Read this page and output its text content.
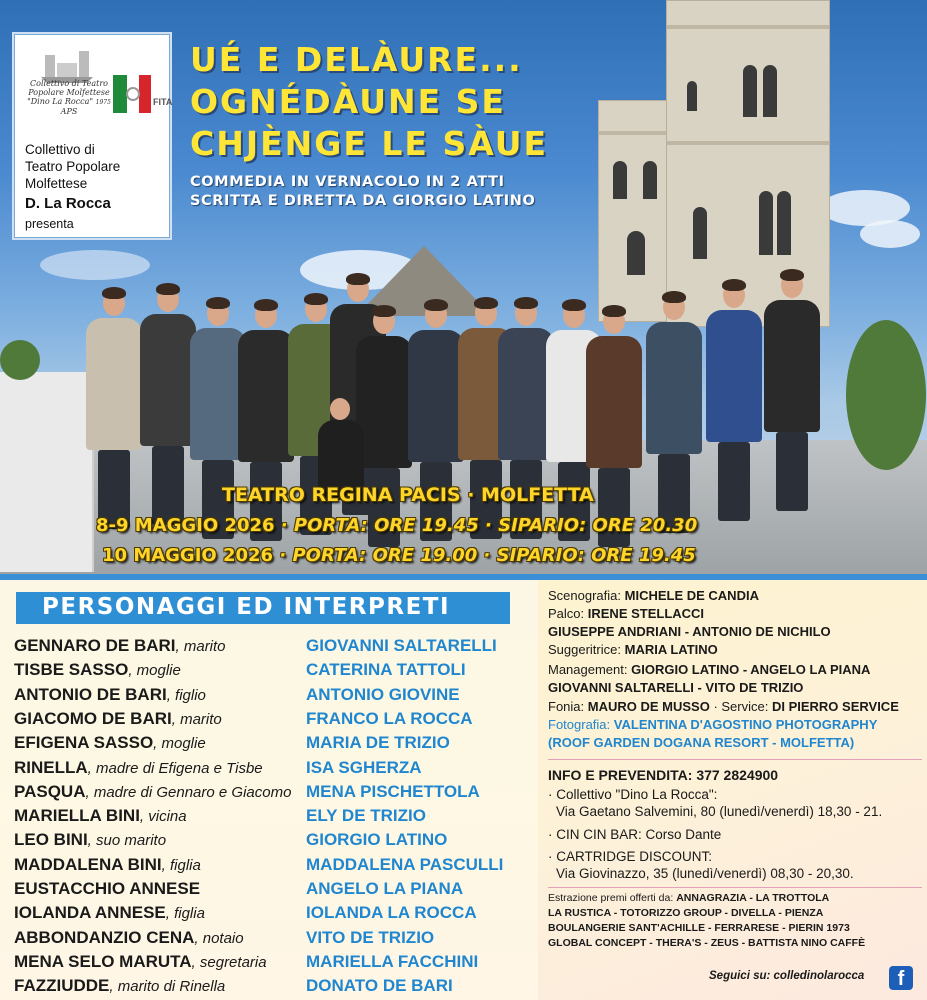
Collettivo di Teatro Popolare Molfettese
"Dino La Rocca" 1975
APS
FITA
Collettivo di
Teatro Popolare
Molfettese
D. La Rocca
presenta
UÉ E DELÀURE...
OGNÉDÀUNE SE
CHJÈNGE LE SÀUE
COMMEDIA IN VERNACOLO IN 2 ATTI
SCRITTA E DIRETTA DA GIORGIO LATINO
TEATRO REGINA PACIS · MOLFETTA
8-9 MAGGIO 2026 · PORTA: ORE 19.45 · SIPARIO: ORE 20.30
10 MAGGIO 2026 · PORTA: ORE 19.00 · SIPARIO: ORE 19.45
PERSONAGGI ED INTERPRETI
GENNARO DE BARI, marito	GIOVANNI SALTARELLI
TISBE SASSO, moglie	CATERINA TATTOLI
ANTONIO DE BARI, figlio	ANTONIO GIOVINE
GIACOMO DE BARI, marito	FRANCO LA ROCCA
EFIGENA SASSO, moglie	MARIA DE TRIZIO
RINELLA, madre di Efigena e Tisbe	ISA SGHERZA
PASQUA, madre di Gennaro e Giacomo MENA PISCHETTOLA
MARIELLA BINI, vicina	ELY DE TRIZIO
LEO BINI, suo marito	GIORGIO LATINO
MADDALENA BINI, figlia	MADDALENA PASCULLI
EUSTACCHIO ANNESE	ANGELO LA PIANA
IOLANDA ANNESE, figlia	IOLANDA LA ROCCA
ABBONDANZIO CENA, notaio	VITO DE TRIZIO
MENA SELO MARUTA, segretaria MARIELLA FACCHINI
FAZZIUDDE, marito di Rinella	DONATO DE BARI
Scenografia: MICHELE DE CANDIA
Palco: IRENE STELLACCI
GIUSEPPE ANDRIANI - ANTONIO DE NICHILO
Suggeritrice: MARIA LATINO
Management: GIORGIO LATINO - ANGELO LA PIANA
GIOVANNI SALTARELLI - VITO DE TRIZIO
Fonia: MAURO DE MUSSO · Service: DI PIERRO SERVICE
Fotografia: VALENTINA D'AGOSTINO PHOTOGRAPHY
(ROOF GARDEN DOGANA RESORT - MOLFETTA)
INFO E PREVENDITA: 377 2824900
· Collettivo "Dino La Rocca":
Via Gaetano Salvemini, 80 (lunedì/venerdì) 18,30 - 21.
· CIN CIN BAR: Corso Dante
· CARTRIDGE DISCOUNT:
Via Giovinazzo, 35 (lunedì/venerdì) 08,30 - 20,30.
Estrazione premi offerti da: ANNAGRAZIA - LA TROTTOLA
LA RUSTICA - TOTORIZZO GROUP - DIVELLA - PIENZA
BOULANGERIE SANT'ACHILLE - FERRARESE - PIERIN 1973
GLOBAL CONCEPT - THERA'S - ZEUS - BATTISTA NINO CAFFÈ
Seguici su: colledinolarocca	f
